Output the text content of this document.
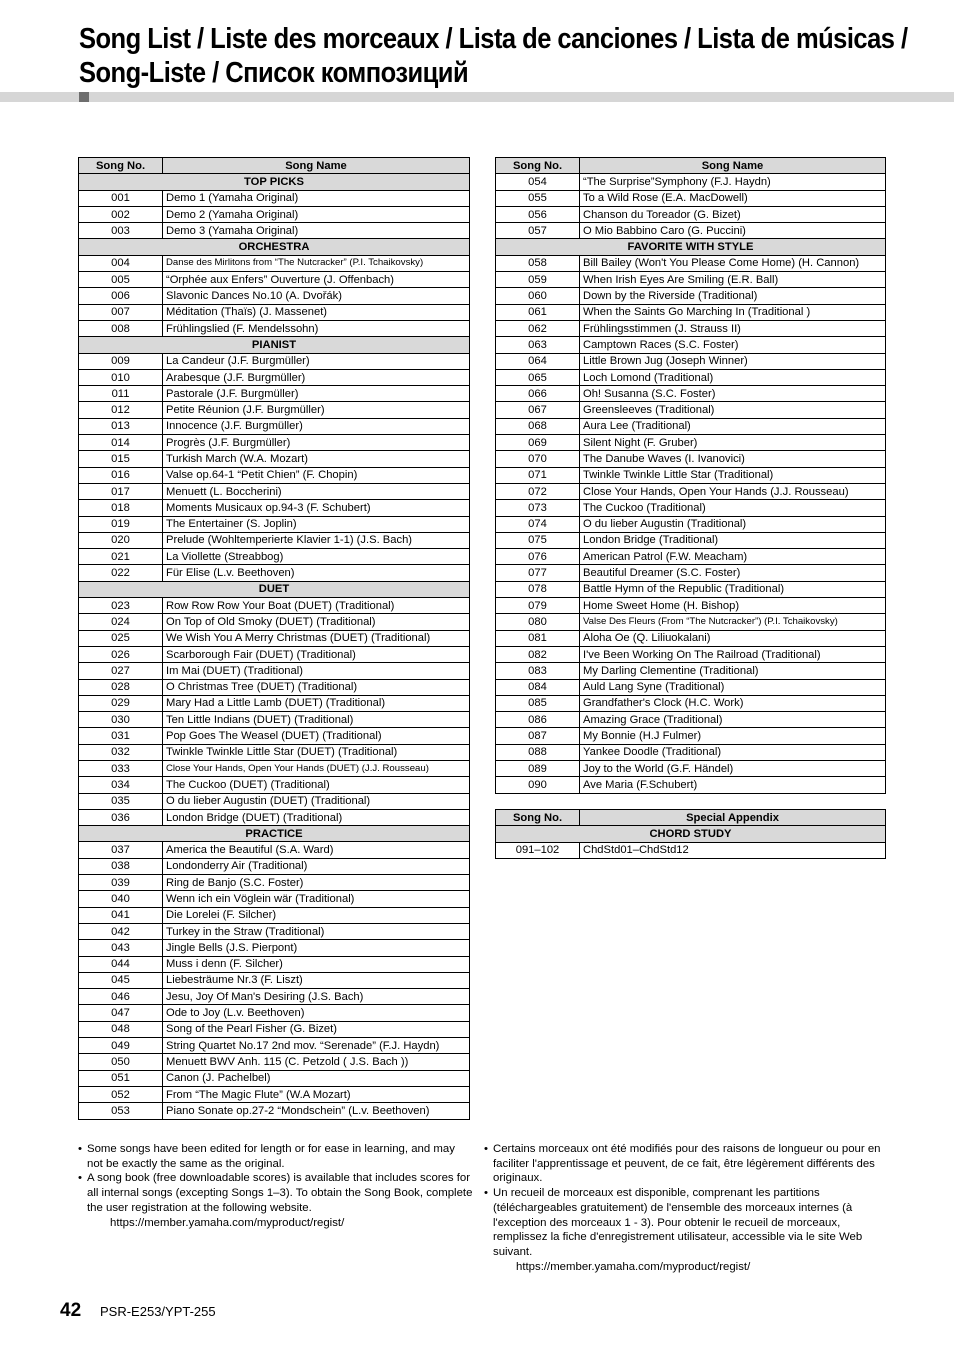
Song List / Liste des morceaux / Lista de canciones / Lista de músicas /
Song-Liste / Список композиций
Song No.	Song Name
TOP PICKS	
001	Demo 1 (Yamaha Original)
002	Demo 2 (Yamaha Original)
003	Demo 3 (Yamaha Original)
ORCHESTRA	
004	Danse des Mirlitons from “The Nutcracker” (P.I. Tchaikovsky)
005	“Orphée aux Enfers” Ouverture (J. Offenbach)
006	Slavonic Dances No.10 (A. Dvořák)
007	Méditation (Thaïs) (J. Massenet)
008	Frühlingslied (F. Mendelssohn)
PIANIST	
009	La Candeur (J.F. Burgmüller)
010	Arabesque (J.F. Burgmüller)
011	Pastorale (J.F. Burgmüller)
012	Petite Réunion (J.F. Burgmüller)
013	Innocence (J.F. Burgmüller)
014	Progrès (J.F. Burgmüller)
015	Turkish March (W.A. Mozart)
016	Valse op.64-1 “Petit Chien” (F. Chopin)
017	Menuett (L. Boccherini)
018	Moments Musicaux op.94-3 (F. Schubert)
019	The Entertainer (S. Joplin)
020	Prelude (Wohltemperierte Klavier 1-1) (J.S. Bach)
021	La Viollette (Streabbog)
022	Für Elise (L.v. Beethoven)
DUET	
023	Row Row Row Your Boat (DUET) (Traditional)
024	On Top of Old Smoky (DUET) (Traditional)
025	We Wish You A Merry Christmas (DUET) (Traditional)
026	Scarborough Fair (DUET) (Traditional)
027	Im Mai (DUET) (Traditional)
028	O Christmas Tree (DUET) (Traditional)
029	Mary Had a Little Lamb (DUET) (Traditional)
030	Ten Little Indians (DUET) (Traditional)
031	Pop Goes The Weasel (DUET) (Traditional)
032	Twinkle Twinkle Little Star (DUET) (Traditional)
033	Close Your Hands, Open Your Hands (DUET) (J.J. Rousseau)
034	The Cuckoo (DUET) (Traditional)
035	O du lieber Augustin (DUET) (Traditional)
036	London Bridge (DUET) (Traditional)
PRACTICE	
037	America the Beautiful (S.A. Ward)
038	Londonderry Air (Traditional)
039	Ring de Banjo (S.C. Foster)
040	Wenn ich ein Vöglein wär (Traditional)
041	Die Lorelei (F. Silcher)
042	Turkey in the Straw (Traditional)
043	Jingle Bells (J.S. Pierpont)
044	Muss i denn (F. Silcher)
045	Liebesträume Nr.3 (F. Liszt)
046	Jesu, Joy Of Man's Desiring (J.S. Bach)
047	Ode to Joy (L.v. Beethoven)
048	Song of the Pearl Fisher (G. Bizet)
049	String Quartet No.17 2nd mov. “Serenade” (F.J. Haydn)
050	Menuett BWV Anh. 115 (C. Petzold ( J.S. Bach ))
051	Canon (J. Pachelbel)
052	From “The Magic Flute” (W.A Mozart)
053	Piano Sonate op.27-2 “Mondschein” (L.v. Beethoven)
Song No.	Song Name
054	“The Surprise”Symphony (F.J. Haydn)
055	To a Wild Rose (E.A. MacDowell)
056	Chanson du Toreador (G. Bizet)
057	O Mio Babbino Caro (G. Puccini)
FAVORITE WITH STYLE	
058	Bill Bailey (Won't You Please Come Home) (H. Cannon)
059	When Irish Eyes Are Smiling (E.R. Ball)
060	Down by the Riverside (Traditional)
061	When the Saints Go Marching In (Traditional )
062	Frühlingsstimmen (J. Strauss II)
063	Camptown Races (S.C. Foster)
064	Little Brown Jug (Joseph Winner)
065	Loch Lomond (Traditional)
066	Oh! Susanna (S.C. Foster)
067	Greensleeves (Traditional)
068	Aura Lee (Traditional)
069	Silent Night (F. Gruber)
070	The Danube Waves (I. Ivanovici)
071	Twinkle Twinkle Little Star (Traditional)
072	Close Your Hands, Open Your Hands (J.J. Rousseau)
073	The Cuckoo (Traditional)
074	O du lieber Augustin (Traditional)
075	London Bridge (Traditional)
076	American Patrol (F.W. Meacham)
077	Beautiful Dreamer (S.C. Foster)
078	Battle Hymn of the Republic (Traditional)
079	Home Sweet Home (H. Bishop)
080	Valse Des Fleurs (From “The Nutcracker”) (P.I. Tchaikovsky)
081	Aloha Oe (Q. Liliuokalani)
082	I've Been Working On The Railroad (Traditional)
083	My Darling Clementine (Traditional)
084	Auld Lang Syne (Traditional)
085	Grandfather's Clock (H.C. Work)
086	Amazing Grace (Traditional)
087	My Bonnie (H.J Fulmer)
088	Yankee Doodle (Traditional)
089	Joy to the World (G.F. Händel)
090	Ave Maria (F.Schubert)
Song No.	Special Appendix
CHORD STUDY	
091–102	ChdStd01–ChdStd12
• Some songs have been edited for length or for ease in learning, and may not be exactly the same as the original.
• A song book (free downloadable scores) is available that includes scores for all internal songs (excepting Songs 1–3). To obtain the Song Book, complete the user registration at the following website.
https://member.yamaha.com/myproduct/regist/
• Certains morceaux ont été modifiés pour des raisons de longueur ou pour en faciliter l'apprentissage et peuvent, de ce fait, être légèrement différents des originaux.
• Un recueil de morceaux est disponible, comprenant les partitions (téléchargeables gratuitement) de l'ensemble des morceaux internes (à l'exception des morceaux 1 - 3). Pour obtenir le recueil de morceaux, remplissez la fiche d'enregistrement utilisateur, accessible via le site Web suivant.
https://member.yamaha.com/myproduct/regist/
42 PSR-E253/YPT-255
